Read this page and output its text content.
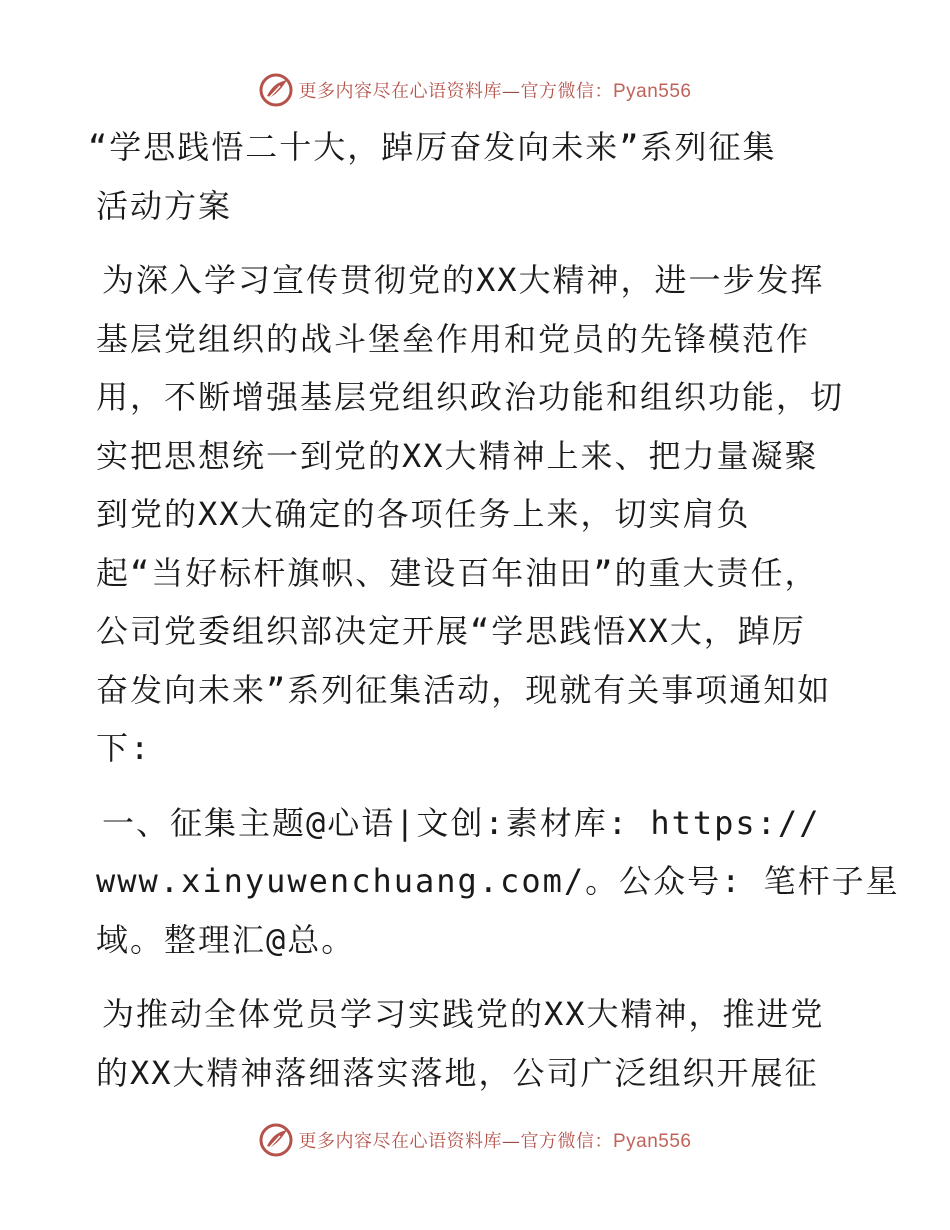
更多内容尽在心语资料库—官方微信：Pyan556
“学思践悟二十大，踔厉奋发向未来”系列征集
活动方案
为深入学习宣传贯彻党的XX大精神，进一步发挥
基层党组织的战斗堡垒作用和党员的先锋模范作
用，不断增强基层党组织政治功能和组织功能，切
实把思想统一到党的XX大精神上来、把力量凝聚
到党的XX大确定的各项任务上来，切实肩负
起“当好标杆旗帜、建设百年油田”的重大责任，
公司党委组织部决定开展“学思践悟XX大，踔厉
奋发向未来”系列征集活动，现就有关事项通知如
下:
一、征集主题@心语|文创:素材库: https://
www.xinyuwenchuang.com/。公众号: 笔杆子星
域。整理汇@总。
为推动全体党员学习实践党的XX大精神，推进党
的XX大精神落细落实落地，公司广泛组织开展征
更多内容尽在心语资料库—官方微信：Pyan556
